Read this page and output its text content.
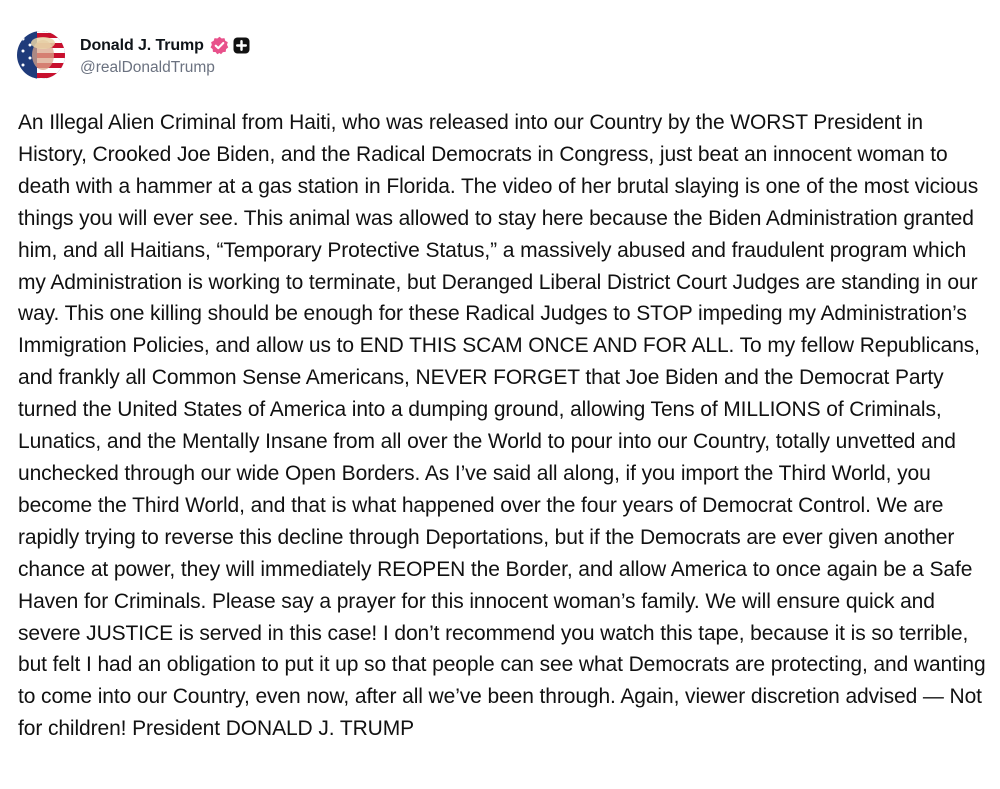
Donald J. Trump
@realDonaldTrump
An Illegal Alien Criminal from Haiti, who was released into our Country by the WORST President in History, Crooked Joe Biden, and the Radical Democrats in Congress, just beat an innocent woman to death with a hammer at a gas station in Florida. The video of her brutal slaying is one of the most vicious things you will ever see. This animal was allowed to stay here because the Biden Administration granted him, and all Haitians, “Temporary Protective Status,” a massively abused and fraudulent program which my Administration is working to terminate, but Deranged Liberal District Court Judges are standing in our way. This one killing should be enough for these Radical Judges to STOP impeding my Administration’s Immigration Policies, and allow us to END THIS SCAM ONCE AND FOR ALL. To my fellow Republicans, and frankly all Common Sense Americans, NEVER FORGET that Joe Biden and the Democrat Party turned the United States of America into a dumping ground, allowing Tens of MILLIONS of Criminals, Lunatics, and the Mentally Insane from all over the World to pour into our Country, totally unvetted and unchecked through our wide Open Borders. As I’ve said all along, if you import the Third World, you become the Third World, and that is what happened over the four years of Democrat Control. We are rapidly trying to reverse this decline through Deportations, but if the Democrats are ever given another chance at power, they will immediately REOPEN the Border, and allow America to once again be a Safe Haven for Criminals. Please say a prayer for this innocent woman’s family. We will ensure quick and severe JUSTICE is served in this case! I don’t recommend you watch this tape, because it is so terrible, but felt I had an obligation to put it up so that people can see what Democrats are protecting, and wanting to come into our Country, even now, after all we’ve been through. Again, viewer discretion advised — Not for children! President DONALD J. TRUMP
